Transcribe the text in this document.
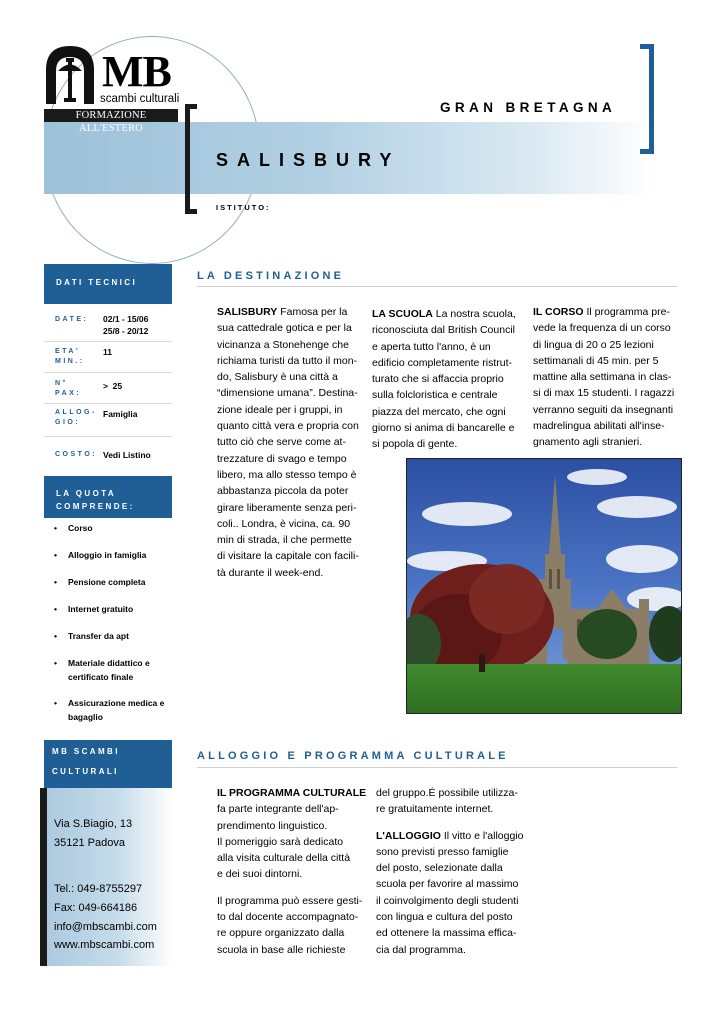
MB
scambi culturali
FORMAZIONE ALL'ESTERO
GRAN BRETAGNA
SALISBURY
ISTITUTO:
DATI TECNICI
DATE: 02/1 - 15/06
25/8 - 20/12
ETA'
MIN.:
11
N°
PAX:
>  25
ALLOG-
GIO:
Famiglia
COSTO: Vedi Listino
LA QUOTA
COMPRENDE:
• Corso
• Alloggio in famiglia
• Pensione completa
• Internet gratuito
• Transfer da apt
• Materiale didattico e certificato finale
• Assicurazione medica e bagaglio
MB SCAMBI
CULTURALI
Via S.Biagio, 13
35121 Padova
Tel.: 049-8755297
Fax: 049-664186
info@mbscambi.com
www.mbscambi.com
LA DESTINAZIONE
SALISBURY Famosa per la
sua cattedrale gotica e per la
vicinanza a Stonehenge che
richiama turisti da tutto il mon-
do, Salisbury è una città a
“dimensione umana”. Destina-
zione ideale per i gruppi, in
quanto città vera e propria con
tutto ciò che serve come at-
trezzature di svago e tempo
libero, ma allo stesso tempo è
abbastanza piccola da poter
girare liberamente senza peri-
coli.. Londra, è vicina, ca. 90
min di strada, il che permette
di visitare la capitale con facili-
tà durante il week-end.
LA SCUOLA La nostra scuola,
riconosciuta dal British Council
e aperta tutto l'anno, è un
edificio completamente ristrut-
turato che si affaccia proprio
sulla folcloristica e centrale
piazza del mercato, che ogni
giorno si anima di bancarelle e
si popola di gente.
IL CORSO Il programma pre-
vede la frequenza di un corso
di lingua di 20 o 25 lezioni
settimanali di 45 min. per 5
mattine alla settimana in clas-
si di max 15 studenti. I ragazzi
verranno seguiti da insegnanti
madrelingua abilitati all'inse-
gnamento agli stranieri.
ALLOGGIO E PROGRAMMA CULTURALE
IL PROGRAMMA CULTURALE
fa parte integrante dell'ap-
prendimento linguistico.
Il pomeriggio sarà dedicato
alla visita culturale della città
e dei suoi dintorni.
Il programma può essere gesti-
to dal docente accompagnato-
re oppure organizzato dalla
scuola in base alle richieste
del gruppo.É possibile utilizza-
re gratuitamente internet.
L'ALLOGGIO Il vitto e l'alloggio
sono previsti presso famiglie
del posto, selezionate dalla
scuola per favorire al massimo
il coinvolgimento degli studenti
con lingua e cultura del posto
ed ottenere la massima effica-
cia dal programma.
